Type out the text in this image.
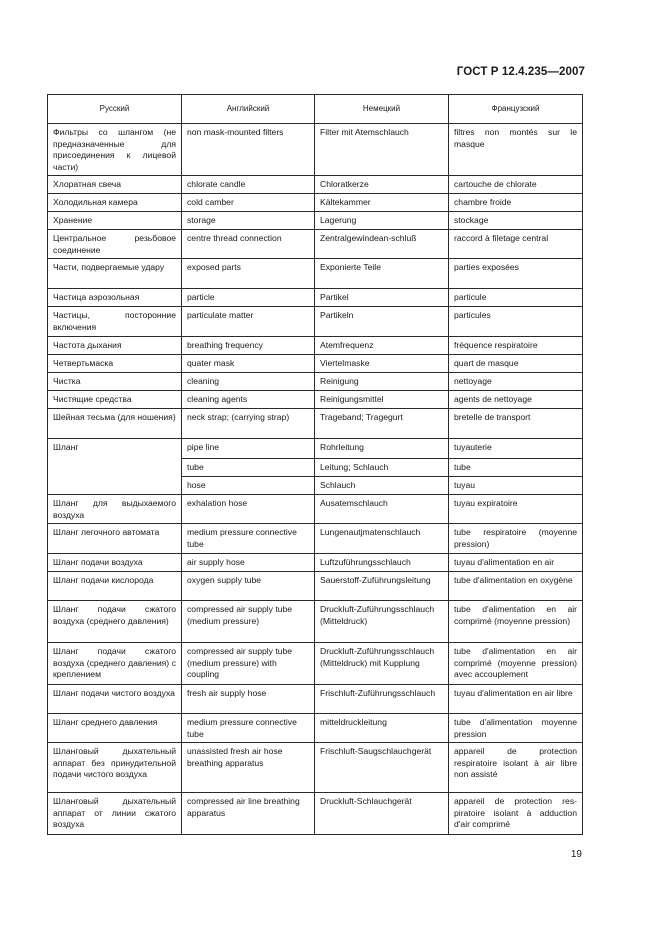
ГОСТ Р 12.4.235—2007
Русский	Английский	Немецкий	Французский
Фильтры со шлангом (не предназначенные для присоединения к лицевой части)	non mask-mounted filters	Filter mit Atemschlauch	filtres non montés sur le masque
Хлоратная свеча	chlorate candle	Chloratkerze	cartouche de chlorate
Холодильная камера	cold camber	Kältekammer	chambre froide
Хранение	storage	Lagerung	stockage
Центральное резьбовое соединение	centre thread connection	Zentralgewindean-schluß	raccord à filetage central
Части, подвергаемые удару	exposed parts	Exponierte Teile	parties exposées
Частица аэрозольная	particle	Partikel	particule
Частицы, посторонние включения	particulate matter	Partikeln	particules
Частота дыхания	breathing frequency	Atemfrequenz	fréquence respiratoire
Четвертьмаска	quater mask	Viertelmaske	quart de masque
Чистка	cleaning	Reinigung	nettoyage
Чистящие средства	cleaning agents	Reinigungsmittel	agents de nettoyage
Шейная тесьма (для ношения)	neck strap; (carrying strap)	Trageband; Tragegurt	bretelle de transport
Шланг	pipe line	Rohrleitung	tuyauterie
	tube	Leitung; Schlauch	tube
	hose	Schlauch	tuyau
Шланг для выдыхаемого воздуха	exhalation hose	Ausatemschlauch	tuyau expiratoire
Шланг легочного автомата	medium pressure connective tube	Lungenautjmatenschlauch	tube respiratoire (moyenne pression)
Шланг подачи воздуха	air supply hose	Luftzuführungsschlauch	tuyau d'alimentation en air
Шланг подачи кислорода	oxygen supply tube	Sauerstoff-Zuführungsleitung	tube d'alimentation en oxygène
Шланг подачи сжатого воздуха (среднего давления)	compressed air supply tube (medium pressure)	Druckluft-Zuführungsschlauch (Mitteldruck)	tube d'alimentation en air comprimé (moyenne pression)
Шланг подачи сжатого воздуха (среднего давления) с креплением	compressed air supply tube (medium pressure) with coupling	Druckluft-Zuführungsschlauch (Mitteldruck) mit Kupplung	tube d'alimentation en air comprimé (moyenne pression) avec accouplement
Шланг подачи чистого воздуха	fresh air supply hose	Frischluft-Zuführungsschlauch	tuyau d'alimentation en air libre
Шланг среднего давления	medium pressure connective tube	mitteldruckleitung	tube d'alimentation moyenne pression
Шланговый дыхательный аппарат без принудительной подачи чистого воздуха	unassisted fresh air hose breathing apparatus	Frischluft-Saugschlauchgerät	appareil de protection respiratoire isolant à air libre non assisté
Шланговый дыхательный аппарат от линии сжатого воздуха	compressed air line breathing apparatus	Druckluft-Schlauchgerät	appareil de protection respiratoire isolant à adduction d'air comprimé
19
